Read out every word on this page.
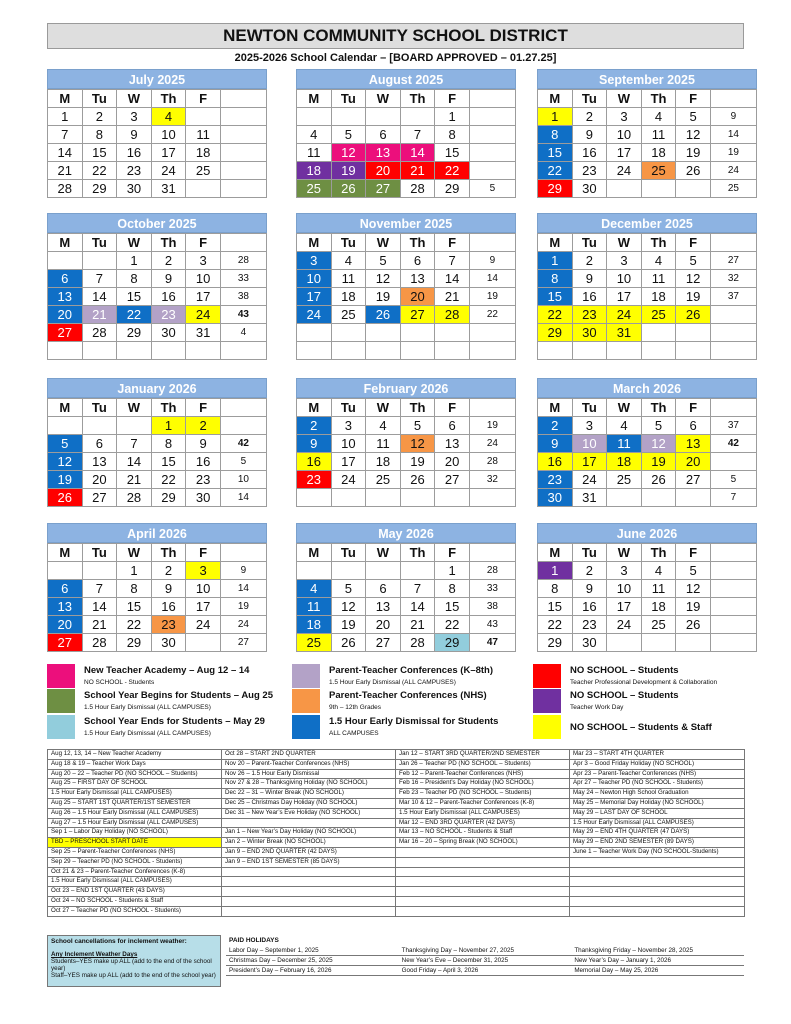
NEWTON COMMUNITY SCHOOL DISTRICT
2025-2026 School Calendar – [BOARD APPROVED – 01.27.25]
July 2025
M	Tu	W	Th	F	
1	2	3	4		
7	8	9	10	11	
14	15	16	17	18	
21	22	23	24	25	
28	29	30	31		
August 2025
M	Tu	W	Th	F	
				1	
4	5	6	7	8	
11	12	13	14	15	
18	19	20	21	22	
25	26	27	28	29	5
September 2025
M	Tu	W	Th	F	
1	2	3	4	5	9
8	9	10	11	12	14
15	16	17	18	19	19
22	23	24	25	26	24
29	30				25
October 2025
M	Tu	W	Th	F	
		1	2	3	28
6	7	8	9	10	33
13	14	15	16	17	38
20	21	22	23	24	43
27	28	29	30	31	4

November 2025
M	Tu	W	Th	F	
3	4	5	6	7	9
10	11	12	13	14	14
17	18	19	20	21	19
24	25	26	27	28	22

December 2025
M	Tu	W	Th	F	
1	2	3	4	5	27
8	9	10	11	12	32
15	16	17	18	19	37
22	23	24	25	26	
29	30	31			

January 2026
M	Tu	W	Th	F	
			1	2	
5	6	7	8	9	42
12	13	14	15	16	5
19	20	21	22	23	10
26	27	28	29	30	14
February 2026
M	Tu	W	Th	F	
2	3	4	5	6	19
9	10	11	12	13	24
16	17	18	19	20	28
23	24	25	26	27	32

March 2026
M	Tu	W	Th	F	
2	3	4	5	6	37
9	10	11	12	13	42
16	17	18	19	20	
23	24	25	26	27	5
30	31				7
April 2026
M	Tu	W	Th	F	
		1	2	3	9
6	7	8	9	10	14
13	14	15	16	17	19
20	21	22	23	24	24
27	28	29	30		27
May 2026
M	Tu	W	Th	F	
				1	28
4	5	6	7	8	33
11	12	13	14	15	38
18	19	20	21	22	43
25	26	27	28	29	47
June 2026
M	Tu	W	Th	F	
1	2	3	4	5	
8	9	10	11	12	
15	16	17	18	19	
22	23	24	25	26	
29	30				
New Teacher Academy – Aug 12 – 14
NO SCHOOL - Students
Parent-Teacher Conferences (K–8th)
1.5 Hour Early Dismissal (ALL CAMPUSES)
NO SCHOOL – Students
Teacher Professional Development & Collaboration
School Year Begins for Students – Aug 25
1.5 Hour Early Dismissal (ALL CAMPUSES)
Parent-Teacher Conferences (NHS)
9th – 12th Grades
NO SCHOOL – Students
Teacher Work Day
School Year Ends for Students – May 29
1.5 Hour Early Dismissal (ALL CAMPUSES)
1.5 Hour Early Dismissal for Students
ALL CAMPUSES
NO SCHOOL – Students & Staff
Aug 12, 13, 14 – New Teacher Academy	Oct 28 – START 2ND QUARTER	Jan 12 – START 3RD QUARTER/2ND SEMESTER	Mar 23 – START 4TH QUARTER
Aug 18 & 19 – Teacher Work Days	Nov 20 – Parent-Teacher Conferences (NHS)	Jan 26 – Teacher PD (NO SCHOOL – Students)	Apr 3 – Good Friday Holiday (NO SCHOOL)
Aug 20 – 22 – Teacher PD (NO SCHOOL – Students)	Nov 26 – 1.5 Hour Early Dismissal	Feb 12 – Parent-Teacher Conferences (NHS)	Apr 23 – Parent-Teacher Conferences (NHS)
Aug 25 – FIRST DAY OF SCHOOL	Nov 27 & 28 – Thanksgiving Holiday (NO SCHOOL)	Feb 16 – President’s Day Holiday (NO SCHOOL)	Apr 27 – Teacher PD (NO SCHOOL - Students)
1.5 Hour Early Dismissal (ALL CAMPUSES)	Dec 22 – 31 – Winter Break (NO SCHOOL)	Feb 23 – Teacher PD (NO SCHOOL – Students)	May 24 – Newton High School Graduation
Aug 25 – START 1ST QUARTER/1ST SEMESTER	Dec 25 – Christmas Day Holiday (NO SCHOOL)	Mar 10 & 12 – Parent-Teacher Conferences (K-8)	May 25 – Memorial Day Holiday (NO SCHOOL)
Aug 26 – 1.5 Hour Early Dismissal (ALL CAMPUSES)	Dec 31 – New Year’s Eve Holiday (NO SCHOOL)	1.5 Hour Early Dismissal (ALL CAMPUSES)	May 29 – LAST DAY OF SCHOOL
Aug 27 – 1.5 Hour Early Dismissal (ALL CAMPUSES)		Mar 12 – END 3RD QUARTER (42 DAYS)	1.5 Hour Early Dismissal (ALL CAMPUSES)
Sep 1 – Labor Day Holiday (NO SCHOOL)	Jan 1 – New Year’s Day Holiday (NO SCHOOL)	Mar 13 – NO SCHOOL - Students & Staff	May 29 – END 4TH QUARTER (47 DAYS)
TBD – PRESCHOOL START DATE	Jan 2 – Winter Break (NO SCHOOL)	Mar 16 – 20 – Spring Break (NO SCHOOL)	May 29 – END 2ND SEMESTER (89 DAYS)
Sep 25 – Parent-Teacher Conferences (NHS)	Jan 9 – END 2ND QUARTER (42 DAYS)		June 1 – Teacher Work Day (NO SCHOOL-Students)
Sep 29 – Teacher PD (NO SCHOOL - Students)	Jan 9 – END 1ST SEMESTER (85 DAYS)		
Oct 21 & 23 – Parent-Teacher Conferences (K-8)			
1.5 Hour Early Dismissal (ALL CAMPUSES)			
Oct 23 – END 1ST QUARTER (43 DAYS)			
Oct 24 – NO SCHOOL - Students & Staff			
Oct 27 – Teacher PD (NO SCHOOL - Students)			
School cancellations for inclement weather:
Any Inclement Weather Days
Students–YES make up ALL (add to the end of the school year)
Staff–YES make up ALL (add to the end of the school year)
PAID HOLIDAYS		
Labor Day – September 1, 2025	Thanksgiving Day – November 27, 2025	Thanksgiving Friday – November 28, 2025
Christmas Day – December 25, 2025	New Year’s Eve – December 31, 2025	New Year’s Day – January 1, 2026
President’s Day – February 16, 2026	Good Friday – April 3, 2026	Memorial Day – May 25, 2026
